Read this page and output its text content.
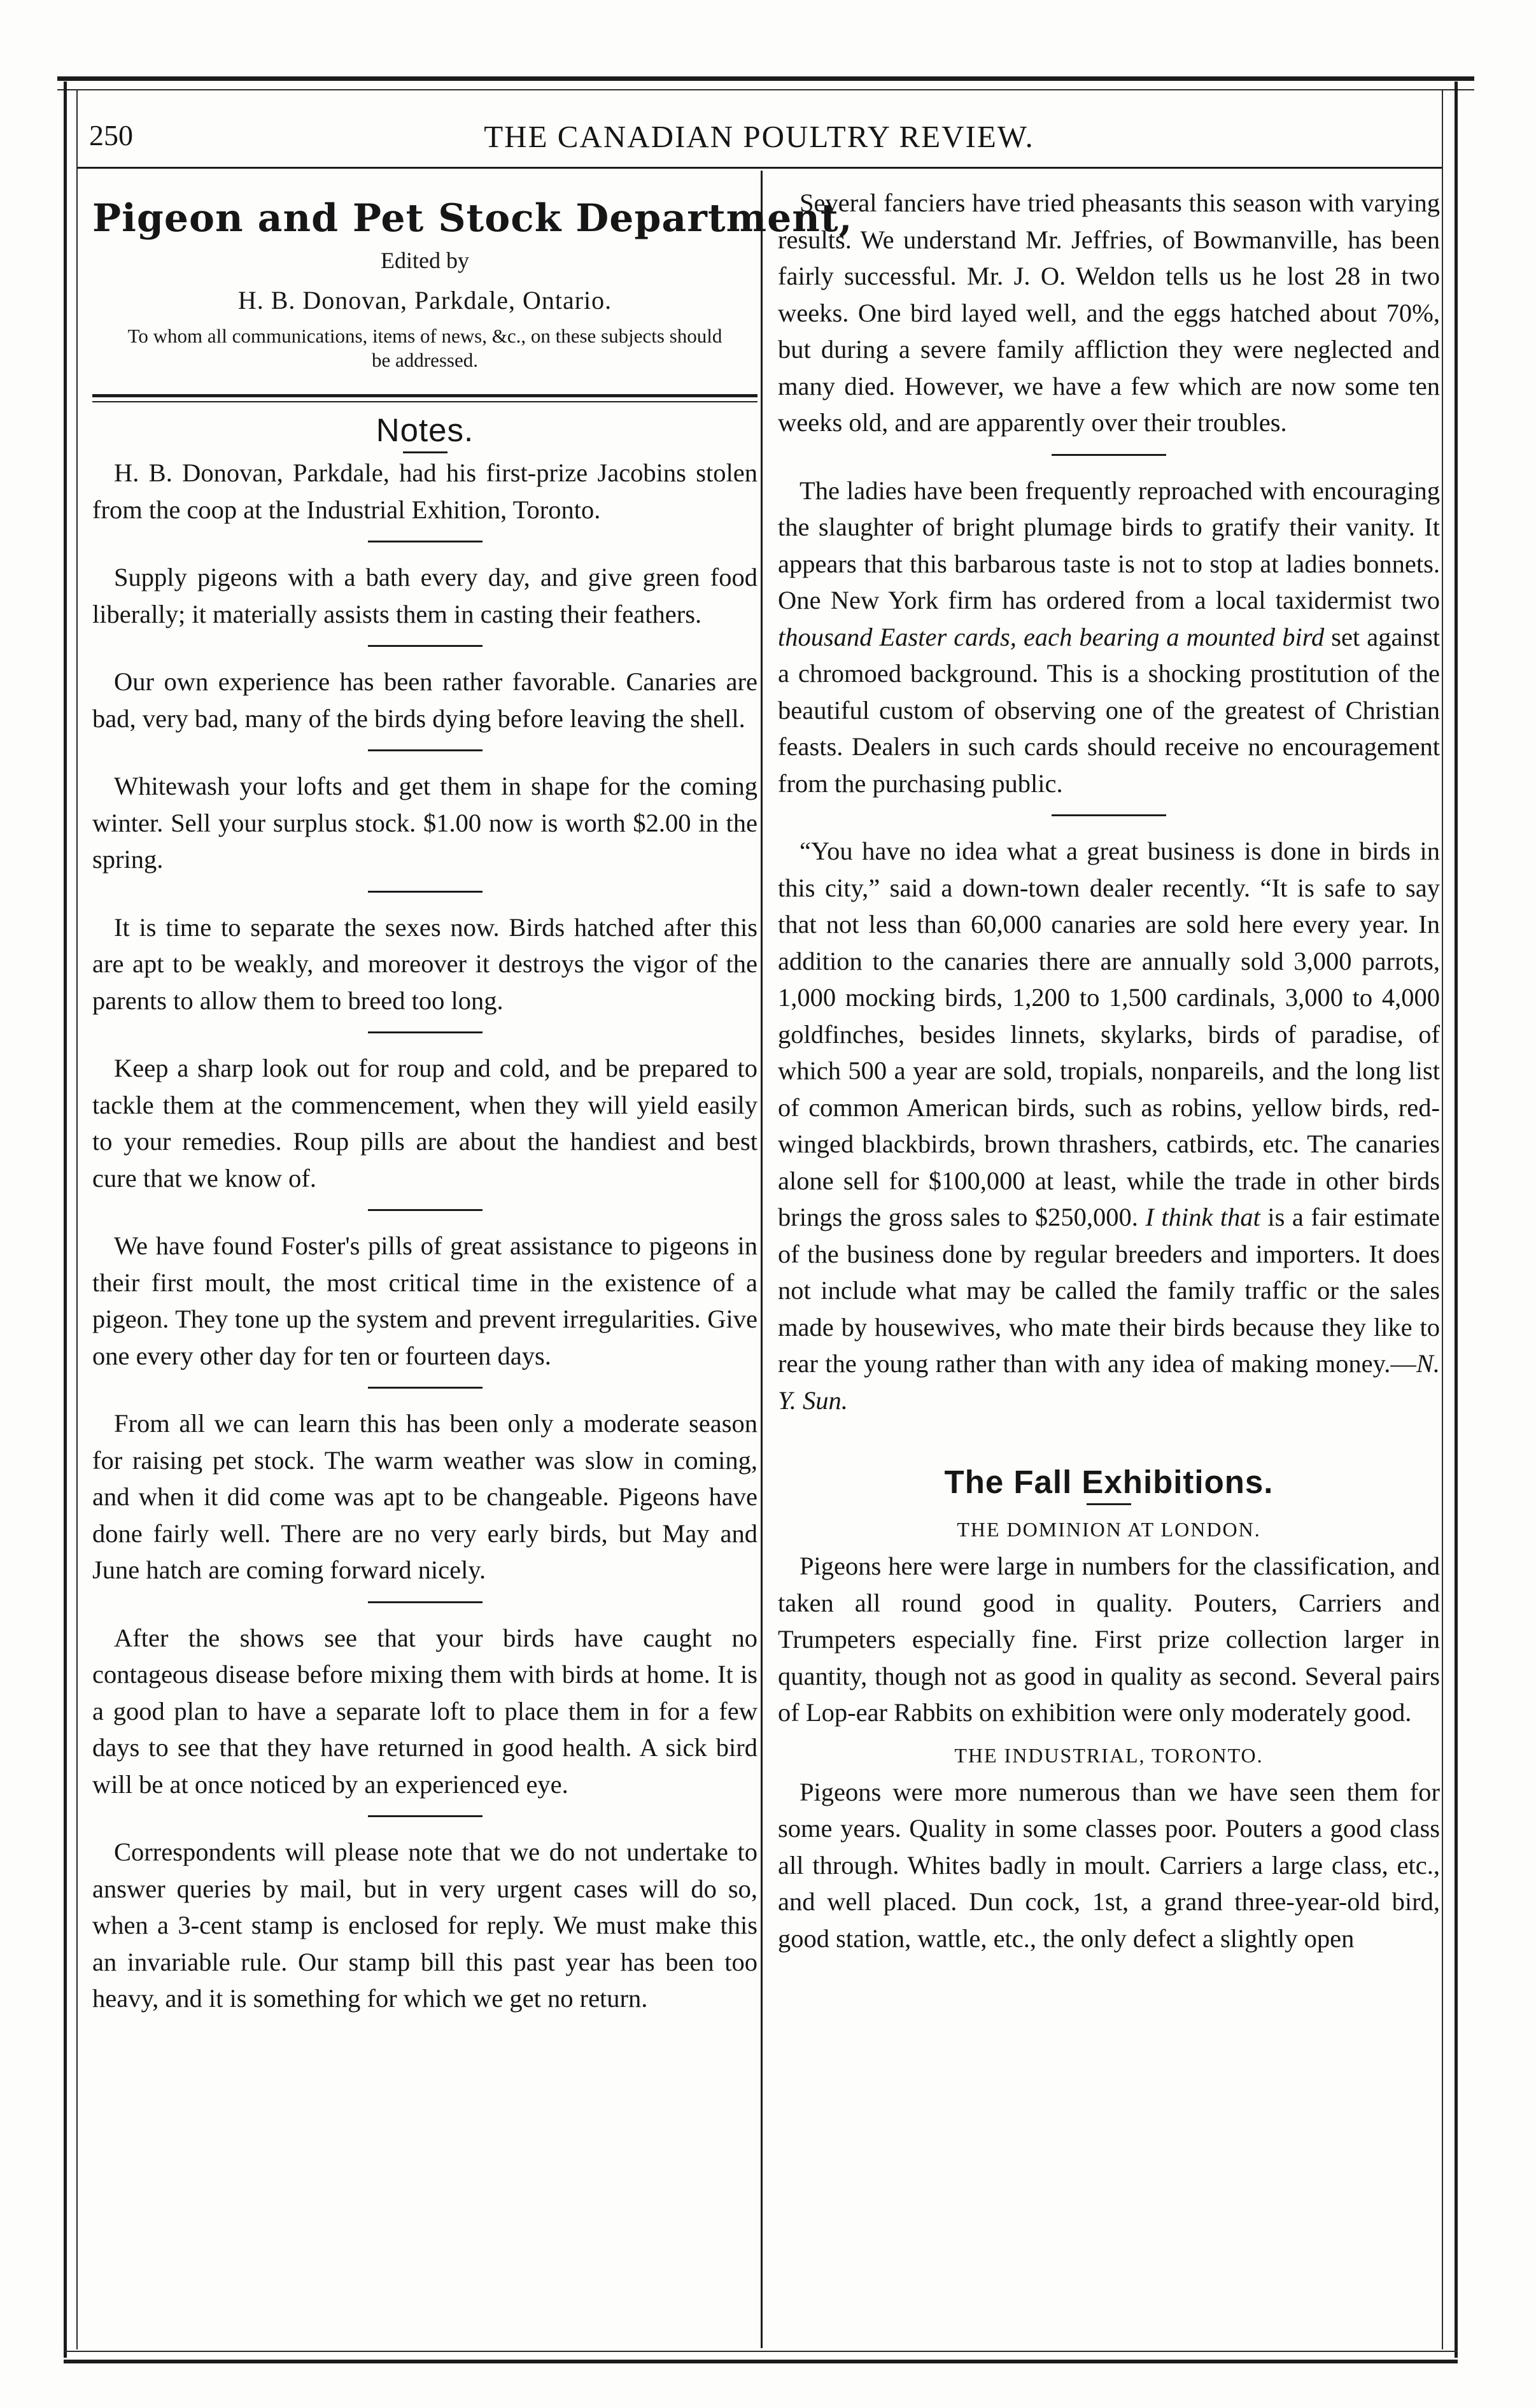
250	THE CANADIAN POULTRY REVIEW.
Pigeon and Pet Stock Department,
Edited by
H. B. Donovan, Parkdale, Ontario.
To whom all communications, items of news, &c., on these subjects should be addressed.
Notes.

H. B. Donovan, Parkdale, had his first-prize Jacobins stolen from the coop at the Industrial Exhition, Toronto.

Supply pigeons with a bath every day, and give green food liberally; it materially assists them in casting their feathers.

Our own experience has been rather favorable. Canaries are bad, very bad, many of the birds dying before leaving the shell.

Whitewash your lofts and get them in shape for the coming winter. Sell your surplus stock. $1.00 now is worth $2.00 in the spring.

It is time to separate the sexes now. Birds hatched after this are apt to be weakly, and moreover it destroys the vigor of the parents to allow them to breed too long.

Keep a sharp look out for roup and cold, and be prepared to tackle them at the commencement, when they will yield easily to your remedies. Roup pills are about the handiest and best cure that we know of.

We have found Foster's pills of great assistance to pigeons in their first moult, the most critical time in the existence of a pigeon. They tone up the system and prevent irregularities. Give one every other day for ten or fourteen days.

From all we can learn this has been only a moderate season for raising pet stock. The warm weather was slow in coming, and when it did come was apt to be changeable. Pigeons have done fairly well. There are no very early birds, but May and June hatch are coming forward nicely.

After the shows see that your birds have caught no contageous disease before mixing them with birds at home. It is a good plan to have a separate loft to place them in for a few days to see that they have returned in good health. A sick bird will be at once noticed by an experienced eye.

Correspondents will please note that we do not undertake to answer queries by mail, but in very urgent cases will do so, when a 3-cent stamp is enclosed for reply. We must make this an invariable rule. Our stamp bill this past year has been too heavy, and it is something for which we get no return.

Several fanciers have tried pheasants this season with varying results. We understand Mr. Jeffries, of Bowmanville, has been fairly successful. Mr. J. O. Weldon tells us he lost 28 in two weeks. One bird layed well, and the eggs hatched about 70%, but during a severe family affliction they were neglected and many died. However, we have a few which are now some ten weeks old, and are apparently over their troubles.

The ladies have been frequently reproached with encouraging the slaughter of bright plumage birds to gratify their vanity. It appears that this barbarous taste is not to stop at ladies bonnets. One New York firm has ordered from a local taxidermist two thousand Easter cards, each bearing a mounted bird set against a chromoed background. This is a shocking prostitution of the beautiful custom of observing one of the greatest of Christian feasts. Dealers in such cards should receive no encouragement from the purchasing public.

“You have no idea what a great business is done in birds in this city,” said a down-town dealer recently. “It is safe to say that not less than 60,000 canaries are sold here every year. In addition to the canaries there are annually sold 3,000 parrots, 1,000 mocking birds, 1,200 to 1,500 cardinals, 3,000 to 4,000 goldfinches, besides linnets, skylarks, birds of paradise, of which 500 a year are sold, tropials, nonpareils, and the long list of common American birds, such as robins, yellow birds, red-winged blackbirds, brown thrashers, catbirds, etc. The canaries alone sell for $100,000 at least, while the trade in other birds brings the gross sales to $250,000. I think that is a fair estimate of the business done by regular breeders and importers. It does not include what may be called the family traffic or the sales made by housewives, who mate their birds because they like to rear the young rather than with any idea of making money.—N. Y. Sun.

The Fall Exhibitions.
THE DOMINION AT LONDON.

Pigeons here were large in numbers for the classification, and taken all round good in quality. Pouters, Carriers and Trumpeters especially fine. First prize collection larger in quantity, though not as good in quality as second. Several pairs of Lop-ear Rabbits on exhibition were only moderately good.

THE INDUSTRIAL, TORONTO.

Pigeons were more numerous than we have seen them for some years. Quality in some classes poor. Pouters a good class all through. Whites badly in moult. Carriers a large class, etc., and well placed. Dun cock, 1st, a grand three-year-old bird, good station, wattle, etc., the only defect a slightly open
